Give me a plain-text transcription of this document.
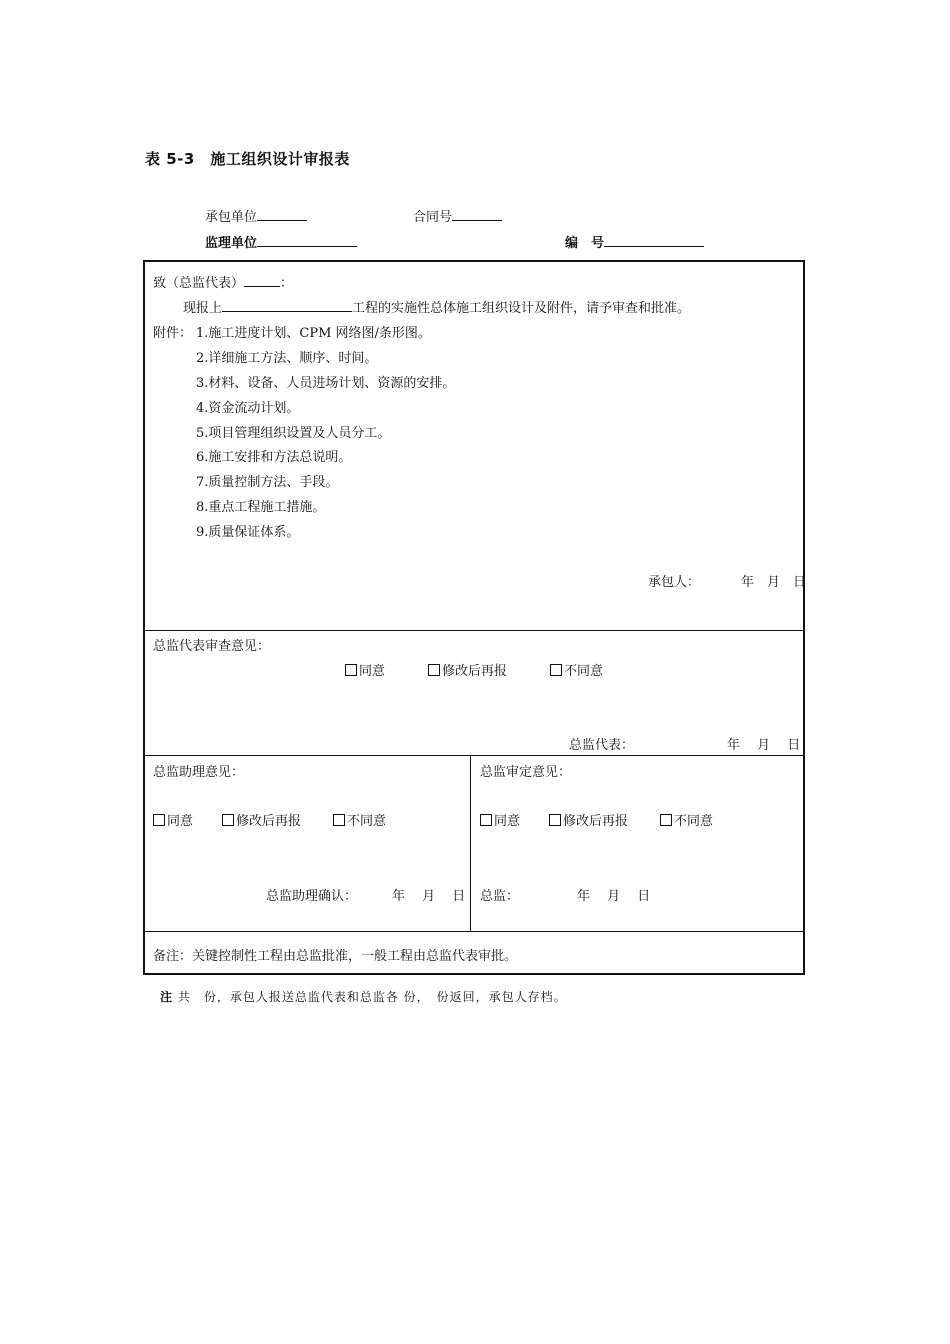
表 5-3　施工组织设计审报表
承包单位	合同号
监理单位	编　号
致（总监代表）	：
现报上	工程的实施性总体施工组织设计及附件，请予审查和批准。
附件： 1.施工进度计划、CPM 网络图/条形图。
2.详细施工方法、顺序、时间。
3.材料、设备、人员进场计划、资源的安排。
4.资金流动计划。
5.项目管理组织设置及人员分工。
6.施工安排和方法总说明。
7.质量控制方法、手段。
8.重点工程施工措施。
9.质量保证体系。
承包人：	年　月　日
总监代表审查意见：
同意	修改后再报	不同意
总监代表：	年　 月　 日
总监助理意见：
同意	修改后再报	不同意
总监助理确认：	年　 月　 日
总监审定意见：
同意	修改后再报	不同意
总监：	年　 月　 日
备注：关键控制性工程由总监批准，一般工程由总监代表审批。
注 共　份，承包人报送总监代表和总监各 份，　份返回，承包人存档。
